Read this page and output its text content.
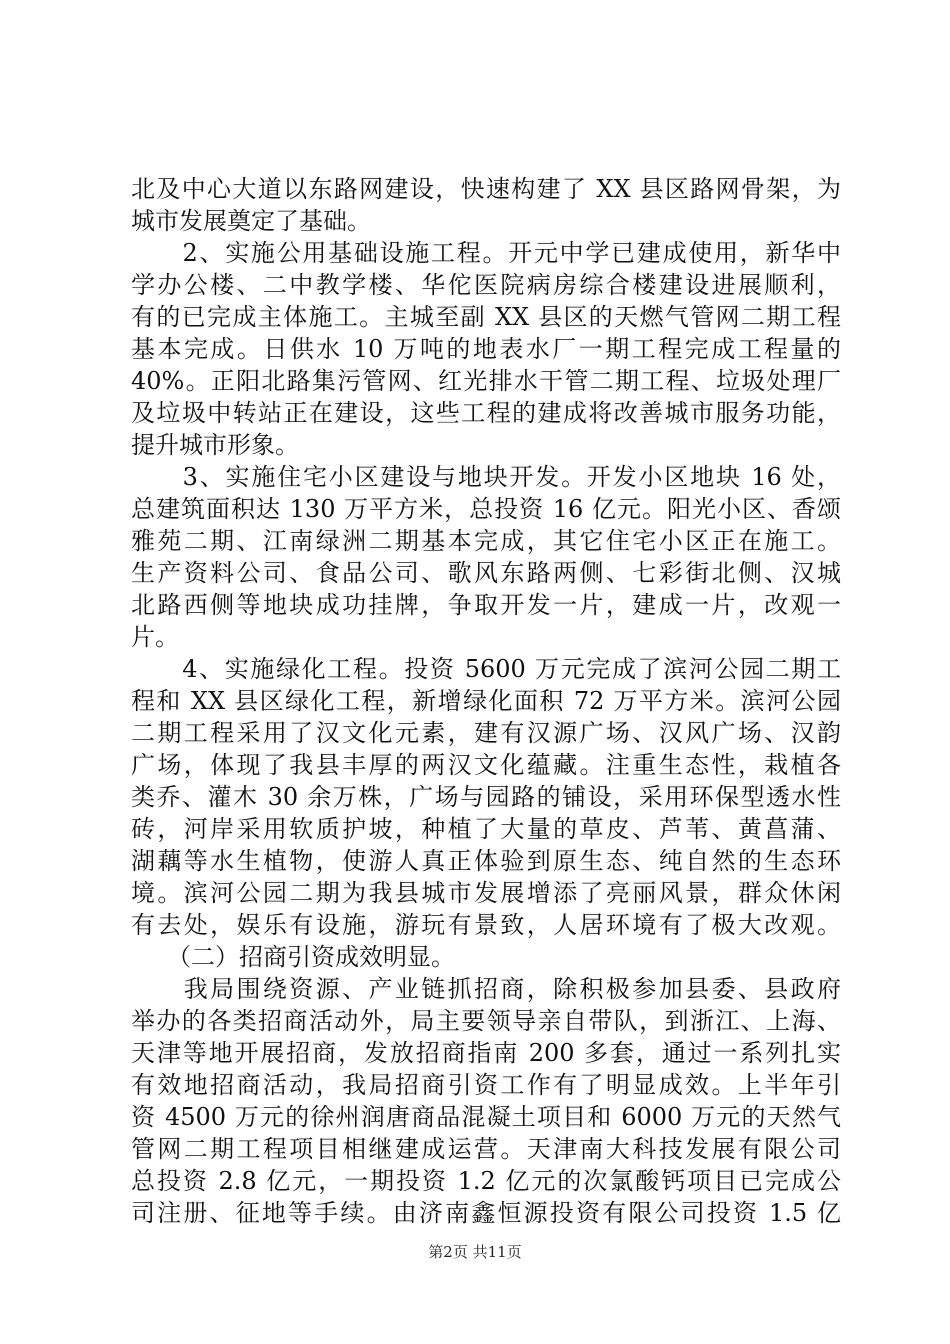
北及中心大道以东路网建设，快速构建了 XX 县区路网骨架，为
城市发展奠定了基础。
　　2、实施公用基础设施工程。开元中学已建成使用，新华中
学办公楼、二中教学楼、华佗医院病房综合楼建设进展顺利，
有的已完成主体施工。主城至副 XX 县区的天燃气管网二期工程
基本完成。日供水 10 万吨的地表水厂一期工程完成工程量的
40%。正阳北路集污管网、红光排水干管二期工程、垃圾处理厂
及垃圾中转站正在建设，这些工程的建成将改善城市服务功能，
提升城市形象。
　　3、实施住宅小区建设与地块开发。开发小区地块 16 处，
总建筑面积达 130 万平方米，总投资 16 亿元。阳光小区、香颂
雅苑二期、江南绿洲二期基本完成，其它住宅小区正在施工。
生产资料公司、食品公司、歌风东路两侧、七彩街北侧、汉城
北路西侧等地块成功挂牌，争取开发一片，建成一片，改观一
片。
　　4、实施绿化工程。投资 5600 万元完成了滨河公园二期工
程和 XX 县区绿化工程，新增绿化面积 72 万平方米。滨河公园
二期工程采用了汉文化元素，建有汉源广场、汉风广场、汉韵
广场，体现了我县丰厚的两汉文化蕴藏。注重生态性，栽植各
类乔、灌木 30 余万株，广场与园路的铺设，采用环保型透水性
砖，河岸采用软质护坡，种植了大量的草皮、芦苇、黄菖蒲、
湖藕等水生植物，使游人真正体验到原生态、纯自然的生态环
境。滨河公园二期为我县城市发展增添了亮丽风景，群众休闲
有去处，娱乐有设施，游玩有景致，人居环境有了极大改观。
　　（二）招商引资成效明显。
　　我局围绕资源、产业链抓招商，除积极参加县委、县政府
举办的各类招商活动外，局主要领导亲自带队，到浙江、上海、
天津等地开展招商，发放招商指南 200 多套，通过一系列扎实
有效地招商活动，我局招商引资工作有了明显成效。上半年引
资 4500 万元的徐州润唐商品混凝土项目和 6000 万元的天然气
管网二期工程项目相继建成运营。天津南大科技发展有限公司
总投资 2.8 亿元，一期投资 1.2 亿元的次氯酸钙项目已完成公
司注册、征地等手续。由济南鑫恒源投资有限公司投资 1.5 亿
第2页 共11页
